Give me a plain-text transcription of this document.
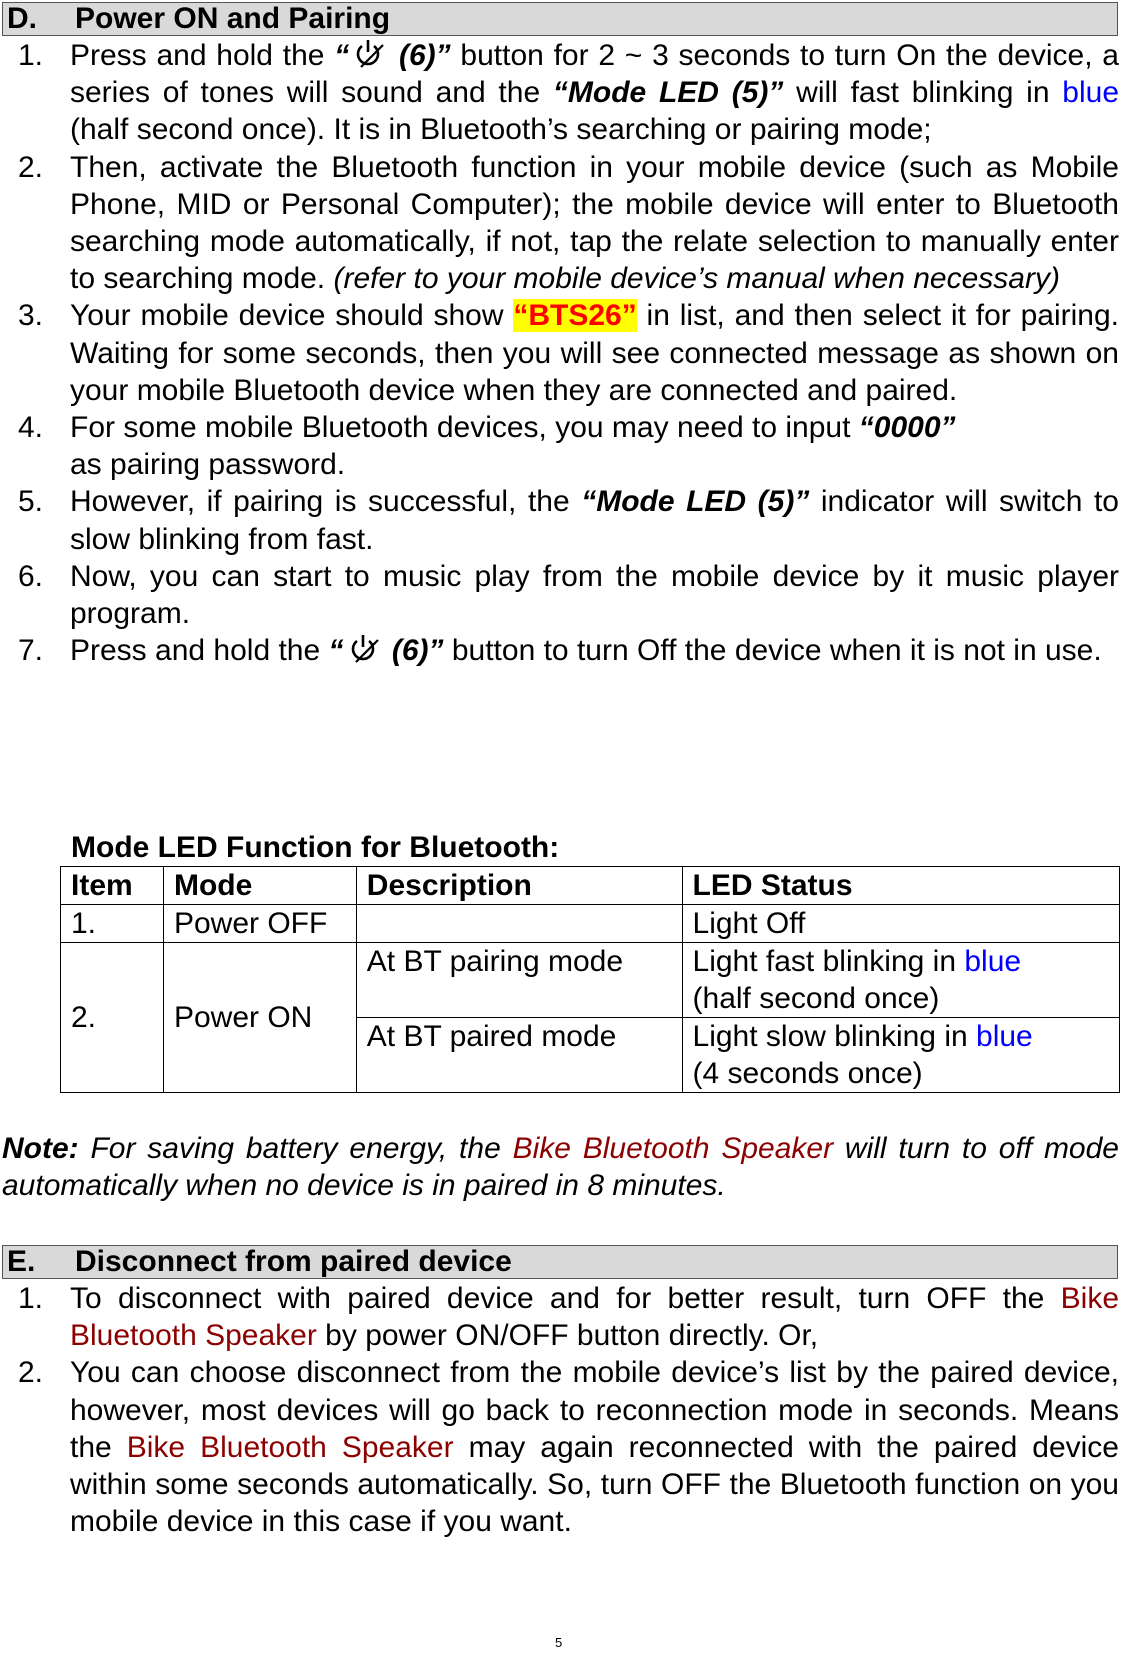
D. Power ON and Pairing
1. Press and hold the “ (6)” button for 2 ~ 3 seconds to turn On the device, a series of tones will sound and the “Mode LED (5)” will fast blinking in blue (half second once). It is in Bluetooth’s searching or pairing mode;
2. Then, activate the Bluetooth function in your mobile device (such as Mobile Phone, MID or Personal Computer); the mobile device will enter to Bluetooth searching mode automatically, if not, tap the relate selection to manually enter to searching mode. (refer to your mobile device’s manual when necessary)
3. Your mobile device should show “BTS26” in list, and then select it for pairing. Waiting for some seconds, then you will see connected message as shown on your mobile Bluetooth device when they are connected and paired.
4. For some mobile Bluetooth devices, you may need to input “0000”
as pairing password.
5. However, if pairing is successful, the “Mode LED (5)” indicator will switch to slow blinking from fast.
6. Now, you can start to music play from the mobile device by it music player program.
7. Press and hold the “ (6)” button to turn Off the device when it is not in use.
Mode LED Function for Bluetooth:
Item	Mode	Description	LED Status
1.	Power OFF		Light Off
2.	Power ON	At BT pairing mode	Light fast blinking in blue
(half second once)
		At BT paired mode	Light slow blinking in blue
(4 seconds once)
Note: For saving battery energy, the Bike Bluetooth Speaker will turn to off mode automatically when no device is in paired in 8 minutes.
E. Disconnect from paired device
1. To disconnect with paired device and for better result, turn OFF the Bike Bluetooth Speaker by power ON/OFF button directly. Or,
2. You can choose disconnect from the mobile device’s list by the paired device, however, most devices will go back to reconnection mode in seconds. Means the Bike Bluetooth Speaker may again reconnected with the paired device within some seconds automatically. So, turn OFF the Bluetooth function on you mobile device in this case if you want.
5
